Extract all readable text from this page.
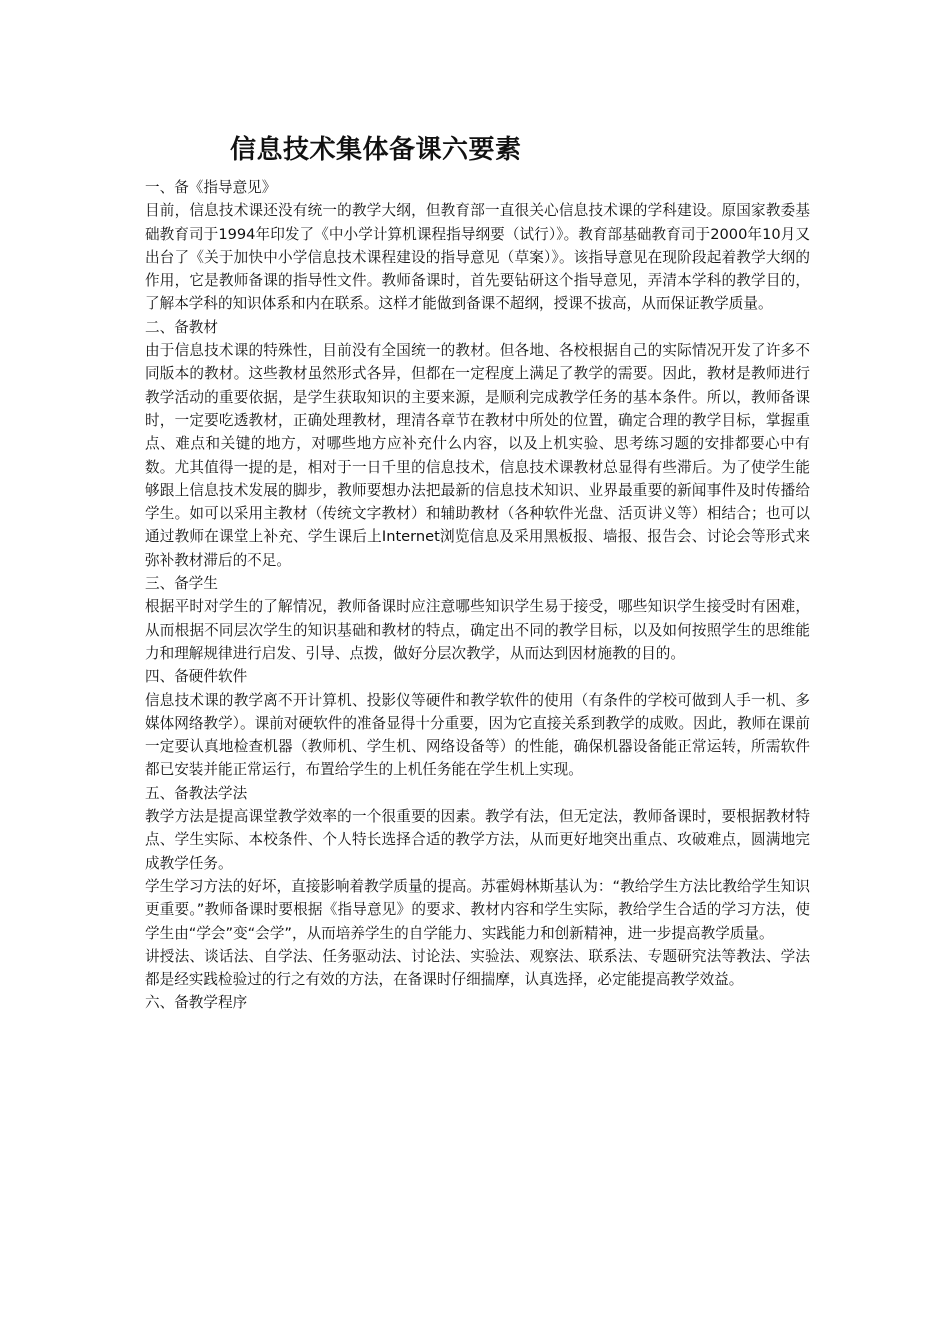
信息技术集体备课六要素

一、备《指导意见》

目前，信息技术课还没有统一的教学大纲，但教育部一直很关心信息技术课的学科建设。原国家教委基础教育司于1994年印发了《中小学计算机课程指导纲要（试行）》。教育部基础教育司于2000年10月又出台了《关于加快中小学信息技术课程建设的指导意见（草案）》。该指导意见在现阶段起着教学大纲的作用，它是教师备课的指导性文件。教师备课时，首先要钻研这个指导意见，弄清本学科的教学目的，了解本学科的知识体系和内在联系。这样才能做到备课不超纲，授课不拔高，从而保证教学质量。

二、备教材

由于信息技术课的特殊性，目前没有全国统一的教材。但各地、各校根据自己的实际情况开发了许多不同版本的教材。这些教材虽然形式各异，但都在一定程度上满足了教学的需要。因此，教材是教师进行教学活动的重要依据，是学生获取知识的主要来源，是顺利完成教学任务的基本条件。所以，教师备课时，一定要吃透教材，正确处理教材，理清各章节在教材中所处的位置，确定合理的教学目标，掌握重点、难点和关键的地方，对哪些地方应补充什么内容，以及上机实验、思考练习题的安排都要心中有数。尤其值得一提的是，相对于一日千里的信息技术，信息技术课教材总显得有些滞后。为了使学生能够跟上信息技术发展的脚步，教师要想办法把最新的信息技术知识、业界最重要的新闻事件及时传播给学生。如可以采用主教材（传统文字教材）和辅助教材（各种软件光盘、活页讲义等）相结合；也可以通过教师在课堂上补充、学生课后上Internet浏览信息及采用黑板报、墙报、报告会、讨论会等形式来弥补教材滞后的不足。

三、备学生

根据平时对学生的了解情况，教师备课时应注意哪些知识学生易于接受，哪些知识学生接受时有困难，从而根据不同层次学生的知识基础和教材的特点，确定出不同的教学目标，以及如何按照学生的思维能力和理解规律进行启发、引导、点拨，做好分层次教学，从而达到因材施教的目的。

四、备硬件软件

信息技术课的教学离不开计算机、投影仪等硬件和教学软件的使用（有条件的学校可做到人手一机、多媒体网络教学）。课前对硬软件的准备显得十分重要，因为它直接关系到教学的成败。因此，教师在课前一定要认真地检查机器（教师机、学生机、网络设备等）的性能，确保机器设备能正常运转，所需软件都已安装并能正常运行，布置给学生的上机任务能在学生机上实现。

五、备教法学法

教学方法是提高课堂教学效率的一个很重要的因素。教学有法，但无定法，教师备课时，要根据教材特点、学生实际、本校条件、个人特长选择合适的教学方法，从而更好地突出重点、攻破难点，圆满地完成教学任务。

学生学习方法的好坏，直接影响着教学质量的提高。苏霍姆林斯基认为：“教给学生方法比教给学生知识更重要。”教师备课时要根据《指导意见》的要求、教材内容和学生实际，教给学生合适的学习方法，使学生由“学会”变“会学”，从而培养学生的自学能力、实践能力和创新精神，进一步提高教学质量。

讲授法、谈话法、自学法、任务驱动法、讨论法、实验法、观察法、联系法、专题研究法等教法、学法都是经实践检验过的行之有效的方法，在备课时仔细揣摩，认真选择，必定能提高教学效益。

六、备教学程序
